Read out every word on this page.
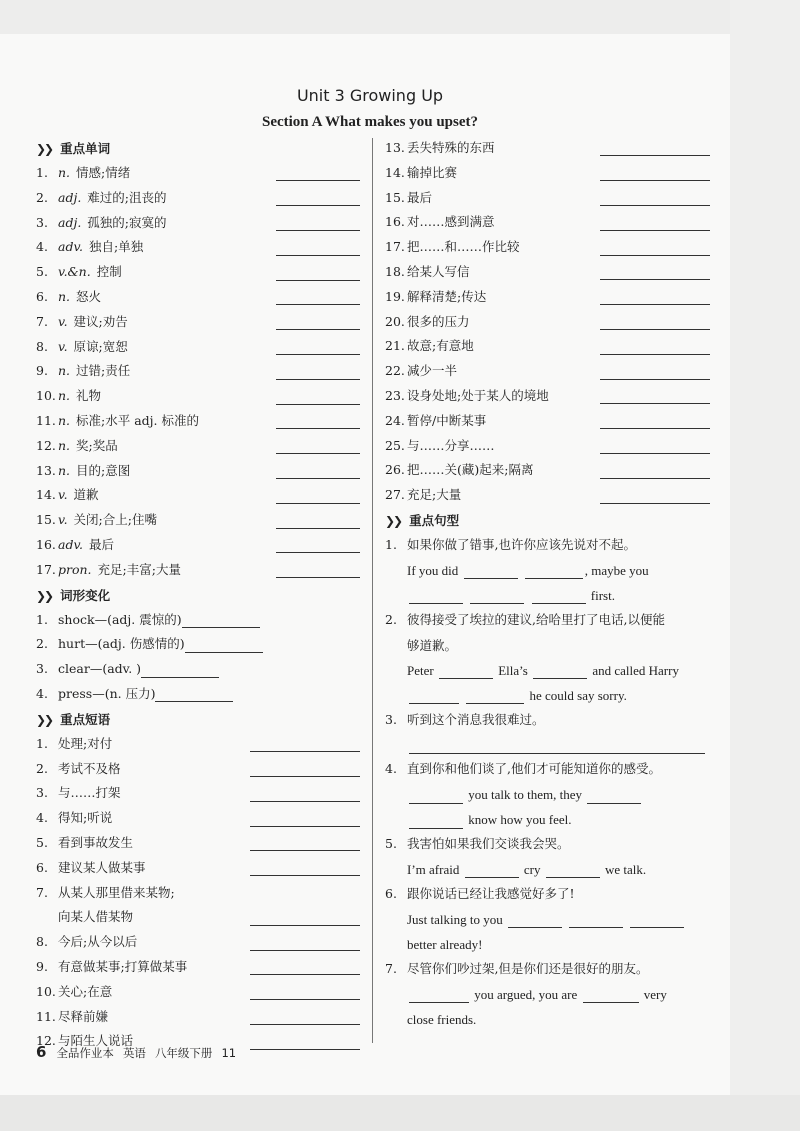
Unit 3 Growing Up
Section A What makes you upset?
❯❯ 重点单词
1. n. 情感;情绪
2. adj. 难过的;沮丧的
3. adj. 孤独的;寂寞的
4. adv. 独自;单独
5. v.&n. 控制
6. n. 怒火
7. v. 建议;劝告
8. v. 原谅;宽恕
9. n. 过错;责任
10. n. 礼物
11. n. 标准;水平 adj. 标准的
12. n. 奖;奖品
13. n. 目的;意图
14. v. 道歉
15. v. 关闭;合上;住嘴
16. adv. 最后
17. pron. 充足;丰富;大量
❯❯ 词形变化
1. shock—(adj. 震惊的)
2. hurt—(adj. 伤感情的)
3. clear—(adv. )
4. press—(n. 压力)
❯❯ 重点短语
1. 处理;对付
2. 考试不及格
3. 与……打架
4. 得知;听说
5. 看到事故发生
6. 建议某人做某事
7. 从某人那里借来某物;
向某人借某物
8. 今后;从今以后
9. 有意做某事;打算做某事
10. 关心;在意
11. 尽释前嫌
12. 与陌生人说话
13. 丢失特殊的东西
14. 输掉比赛
15. 最后
16. 对……感到满意
17. 把……和……作比较
18. 给某人写信
19. 解释清楚;传达
20. 很多的压力
21. 故意;有意地
22. 减少一半
23. 设身处地;处于某人的境地
24. 暂停/中断某事
25. 与……分享……
26. 把……关(藏)起来;隔离
27. 充足;大量
❯❯ 重点句型
1. 如果你做了错事,也许你应该先说对不起。
If you did	, maybe you
first.
2. 彼得接受了埃拉的建议,给哈里打了电话,以便能
够道歉。
Peter	Ella’s	and called Harry
he could say sorry.
3. 听到这个消息我很难过。
4. 直到你和他们谈了,他们才可能知道你的感受。
you talk to them, they
know how you feel.
5. 我害怕如果我们交谈我会哭。
I’m afraid	cry	we talk.
6. 跟你说话已经让我感觉好多了!
Just talking to you
better already!
7. 尽管你们吵过架,但是你们还是很好的朋友。
you argued, you are	very
close friends.
6 全品作业本 英语 八年级下册 11
